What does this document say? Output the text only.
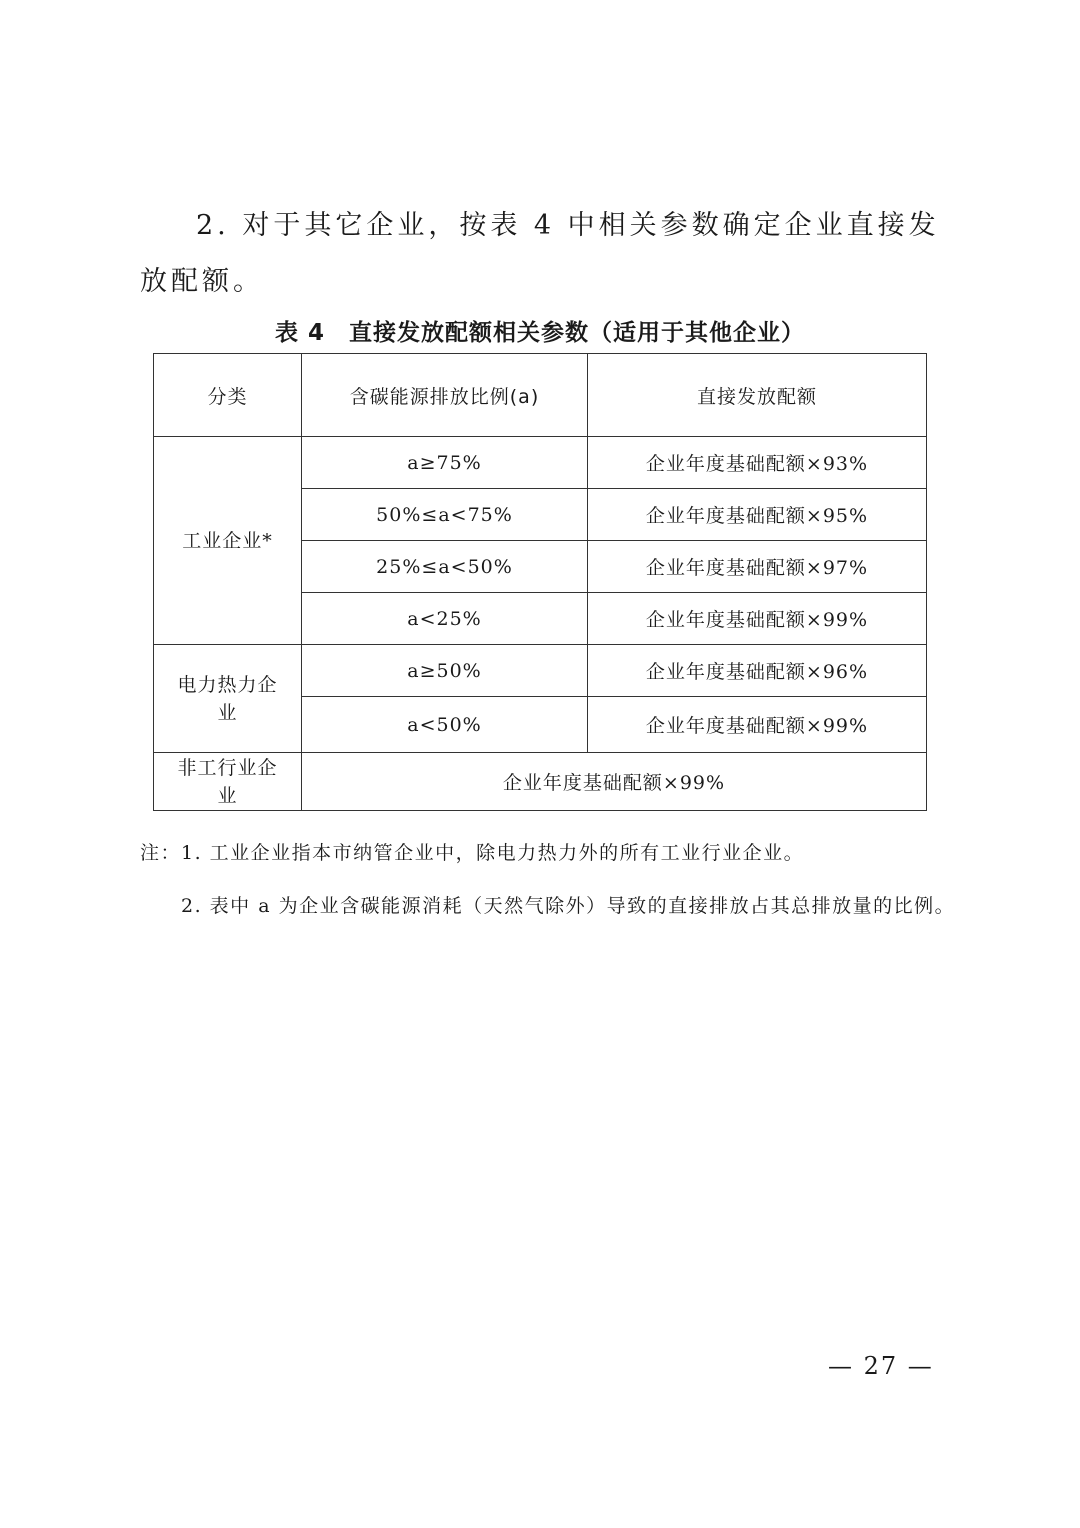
2. 对于其它企业，按表 4 中相关参数确定企业直接发放配额。

表 4　直接发放配额相关参数（适用于其他企业）
分类	含碳能源排放比例(a)	直接发放配额
工业企业*	a≥75%	企业年度基础配额×93%
	50%≤a<75%	企业年度基础配额×95%
	25%≤a<50%	企业年度基础配额×97%
	a<25%	企业年度基础配额×99%

电力热力企业	a≥50%	企业年度基础配额×96%
	a<50%	企业年度基础配额×99%

非工行业企业	企业年度基础配额×99%	
注：1. 工业企业指本市纳管企业中，除电力热力外的所有工业行业企业。
2. 表中 a 为企业含碳能源消耗（天然气除外）导致的直接排放占其总排放量的比例。
— 27 —
